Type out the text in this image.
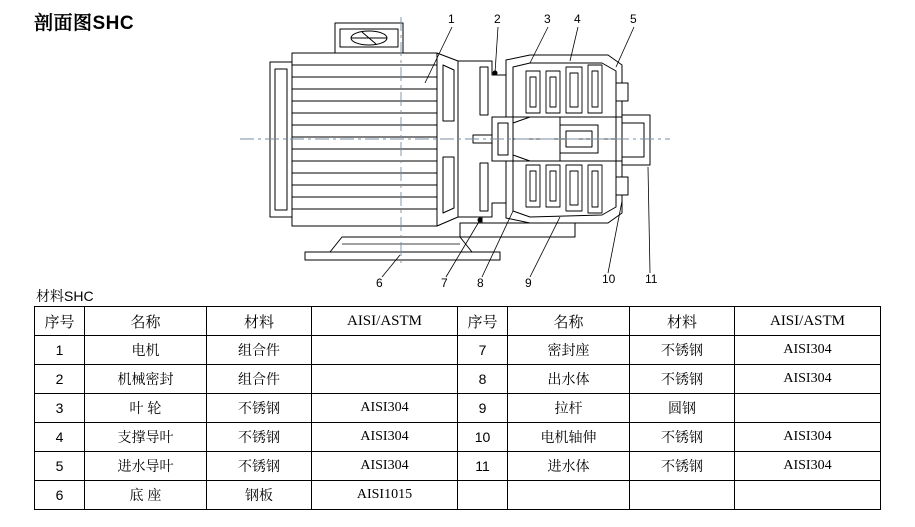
剖面图SHC
材料SHC
1	2	3 4	5
6	7 8	9	10 11
序号	名称	材料	AISI/ASTM	序号	名称	材料	AISI/ASTM
1	电机	组合件		7	密封座	不锈钢	AISI304
2	机械密封	组合件		8	出水体	不锈钢	AISI304
3	叶 轮	不锈钢	AISI304	9	拉杆	圆钢	
4	支撑导叶	不锈钢	AISI304	10	电机轴伸	不锈钢	AISI304
5	进水导叶	不锈钢	AISI304	11	进水体	不锈钢	AISI304
6	底 座	钢板	AISI1015				
